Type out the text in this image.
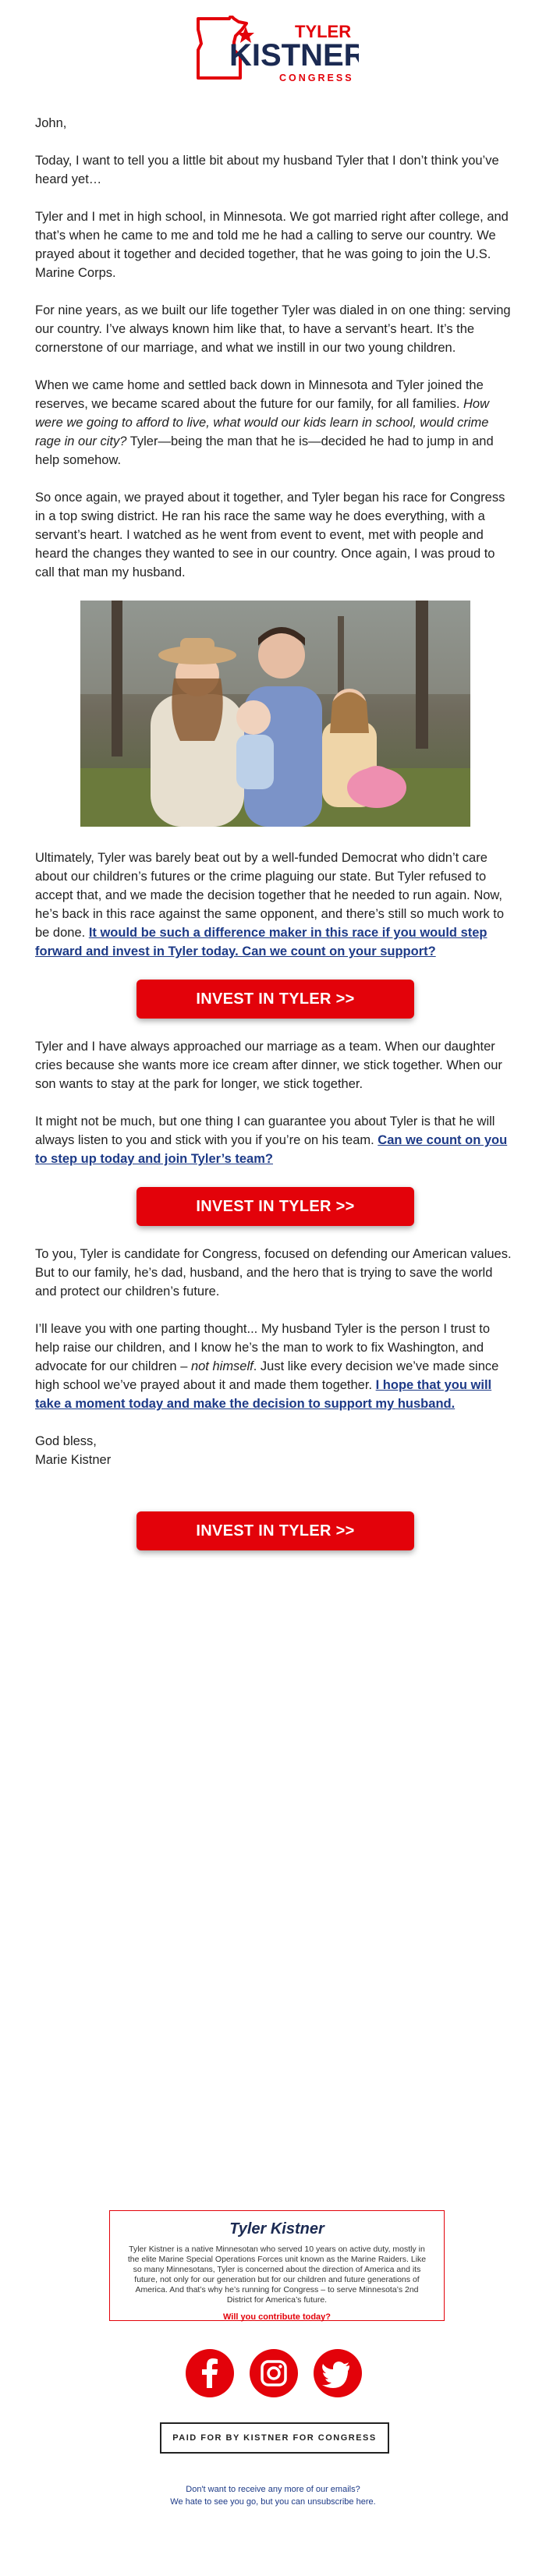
TYLER
KISTNER
CONGRESS

John,

Today, I want to tell you a little bit about my husband Tyler that I don’t think you’ve heard yet…

Tyler and I met in high school, in Minnesota. We got married right after college, and that’s when he came to me and told me he had a calling to serve our country. We prayed about it together and decided together, that he was going to join the U.S. Marine Corps.

For nine years, as we built our life together Tyler was dialed in on one thing: serving our country. I’ve always known him like that, to have a servant’s heart. It’s the cornerstone of our marriage, and what we instill in our two young children.

When we came home and settled back down in Minnesota and Tyler joined the reserves, we became scared about the future for our family, for all families. How were we going to afford to live, what would our kids learn in school, would crime rage in our city? Tyler—being the man that he is—decided he had to jump in and help somehow.

So once again, we prayed about it together, and Tyler began his race for Congress in a top swing district. He ran his race the same way he does everything, with a servant’s heart. I watched as he went from event to event, met with people and heard the changes they wanted to see in our country. Once again, I was proud to call that man my husband.

Ultimately, Tyler was barely beat out by a well-funded Democrat who didn’t care about our children’s futures or the crime plaguing our state. But Tyler refused to accept that, and we made the decision together that he needed to run again. Now, he’s back in this race against the same opponent, and there’s still so much work to be done. It would be such a difference maker in this race if you would step forward and invest in Tyler today. Can we count on your support?

INVEST IN TYLER >>

Tyler and I have always approached our marriage as a team. When our daughter cries because she wants more ice cream after dinner, we stick together. When our son wants to stay at the park for longer, we stick together.

It might not be much, but one thing I can guarantee you about Tyler is that he will always listen to you and stick with you if you’re on his team. Can we count on you to step up today and join Tyler’s team?

INVEST IN TYLER >>

To you, Tyler is candidate for Congress, focused on defending our American values. But to our family, he’s dad, husband, and the hero that is trying to save the world and protect our children’s future.

I’ll leave you with one parting thought... My husband Tyler is the person I trust to help raise our children, and I know he’s the man to work to fix Washington, and advocate for our children – not himself. Just like every decision we’ve made since high school we’ve prayed about it and made them together. I hope that you will take a moment today and make the decision to support my husband.

God bless,
Marie Kistner

INVEST IN TYLER >>
Tyler Kistner
Tyler Kistner is a native Minnesotan who served 10 years on active duty, mostly in the elite Marine Special Operations Forces unit known as the Marine Raiders. Like so many Minnesotans, Tyler is concerned about the direction of America and its future, not only for our generation but for our children and future generations of America. And that’s why he’s running for Congress – to serve Minnesota’s 2nd District for America’s future.
Will you contribute today?
PAID FOR BY KISTNER FOR CONGRESS
Don't want to receive any more of our emails?
We hate to see you go, but you can unsubscribe here.
